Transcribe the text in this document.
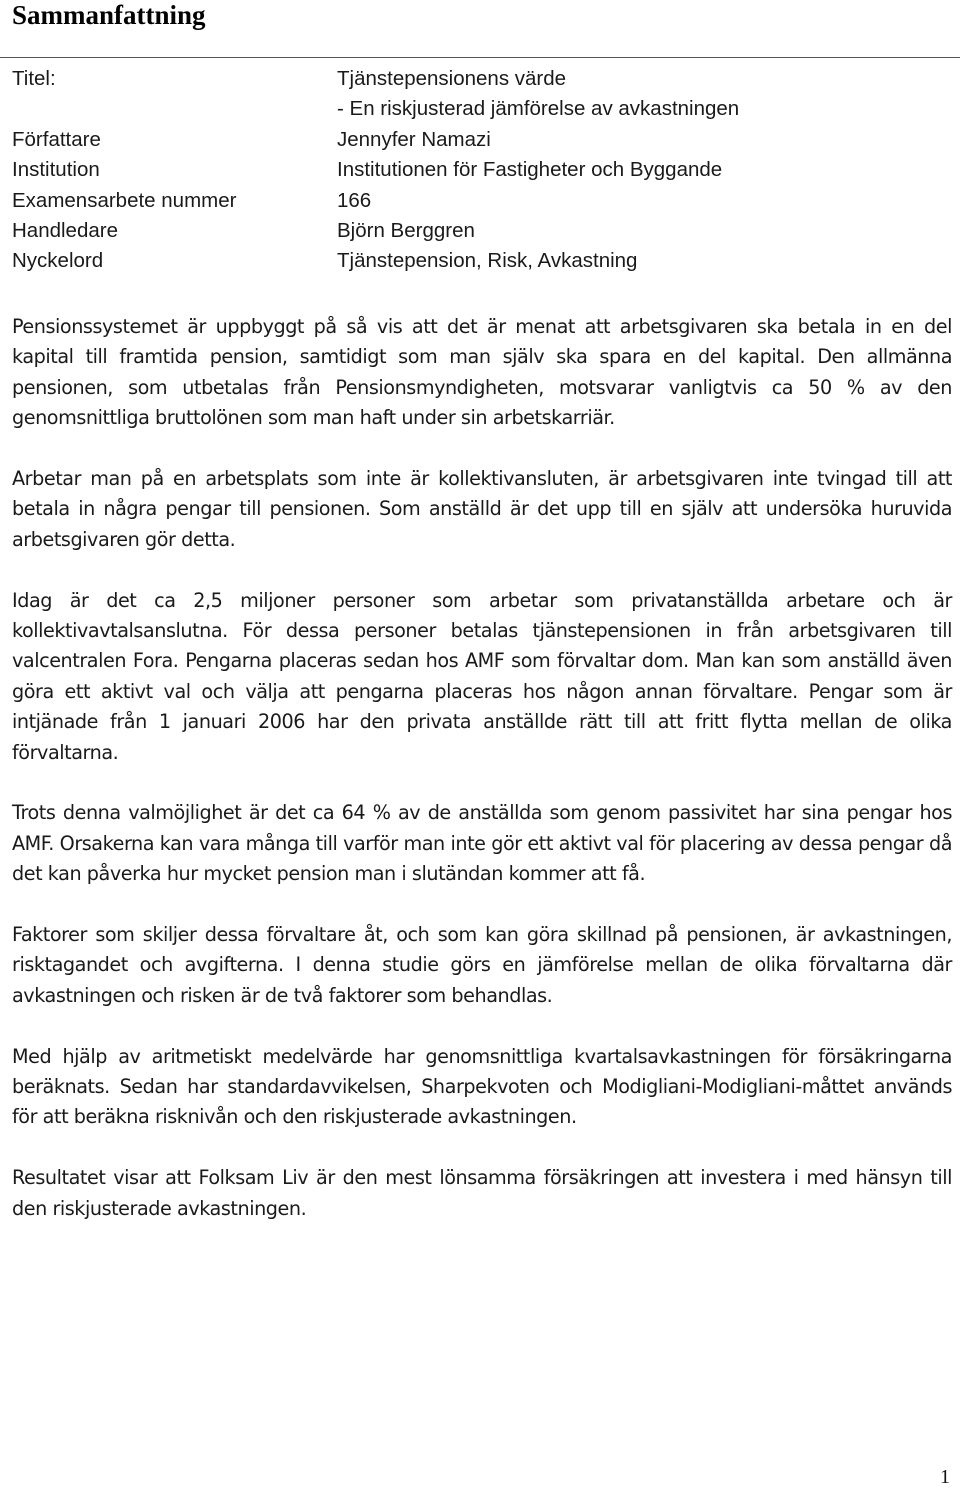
Sammanfattning
Titel:	Tjänstepensionens värde
- En riskjusterad jämförelse av avkastningen
Författare	Jennyfer Namazi
Institution	Institutionen för Fastigheter och Byggande
Examensarbete nummer	166
Handledare	Björn Berggren
Nyckelord	Tjänstepension, Risk, Avkastning

Pensionssystemet är uppbyggt på så vis att det är menat att arbetsgivaren ska betala in en del kapital till framtida pension, samtidigt som man själv ska spara en del kapital. Den allmänna pensionen, som utbetalas från Pensionsmyndigheten, motsvarar vanligtvis ca 50 % av den genomsnittliga bruttolönen som man haft under sin arbetskarriär.

Arbetar man på en arbetsplats som inte är kollektivansluten, är arbetsgivaren inte tvingad till att betala in några pengar till pensionen. Som anställd är det upp till en själv att undersöka huruvida arbetsgivaren gör detta.

Idag är det ca 2,5 miljoner personer som arbetar som privatanställda arbetare och är kollektivavtalsanslutna. För dessa personer betalas tjänstepensionen in från arbetsgivaren till valcentralen Fora. Pengarna placeras sedan hos AMF som förvaltar dom. Man kan som anställd även göra ett aktivt val och välja att pengarna placeras hos någon annan förvaltare. Pengar som är intjänade från 1 januari 2006 har den privata anställde rätt till att fritt flytta mellan de olika förvaltarna.

Trots denna valmöjlighet är det ca 64 % av de anställda som genom passivitet har sina pengar hos AMF. Orsakerna kan vara många till varför man inte gör ett aktivt val för placering av dessa pengar då det kan påverka hur mycket pension man i slutändan kommer att få.

Faktorer som skiljer dessa förvaltare åt, och som kan göra skillnad på pensionen, är avkastningen, risktagandet och avgifterna. I denna studie görs en jämförelse mellan de olika förvaltarna där avkastningen och risken är de två faktorer som behandlas.

Med hjälp av aritmetiskt medelvärde har genomsnittliga kvartalsavkastningen för försäkringarna beräknats. Sedan har standardavvikelsen, Sharpekvoten och Modigliani-Modigliani-måttet används för att beräkna risknivån och den riskjusterade avkastningen.

Resultatet visar att Folksam Liv är den mest lönsamma försäkringen att investera i med hänsyn till den riskjusterade avkastningen.

1
